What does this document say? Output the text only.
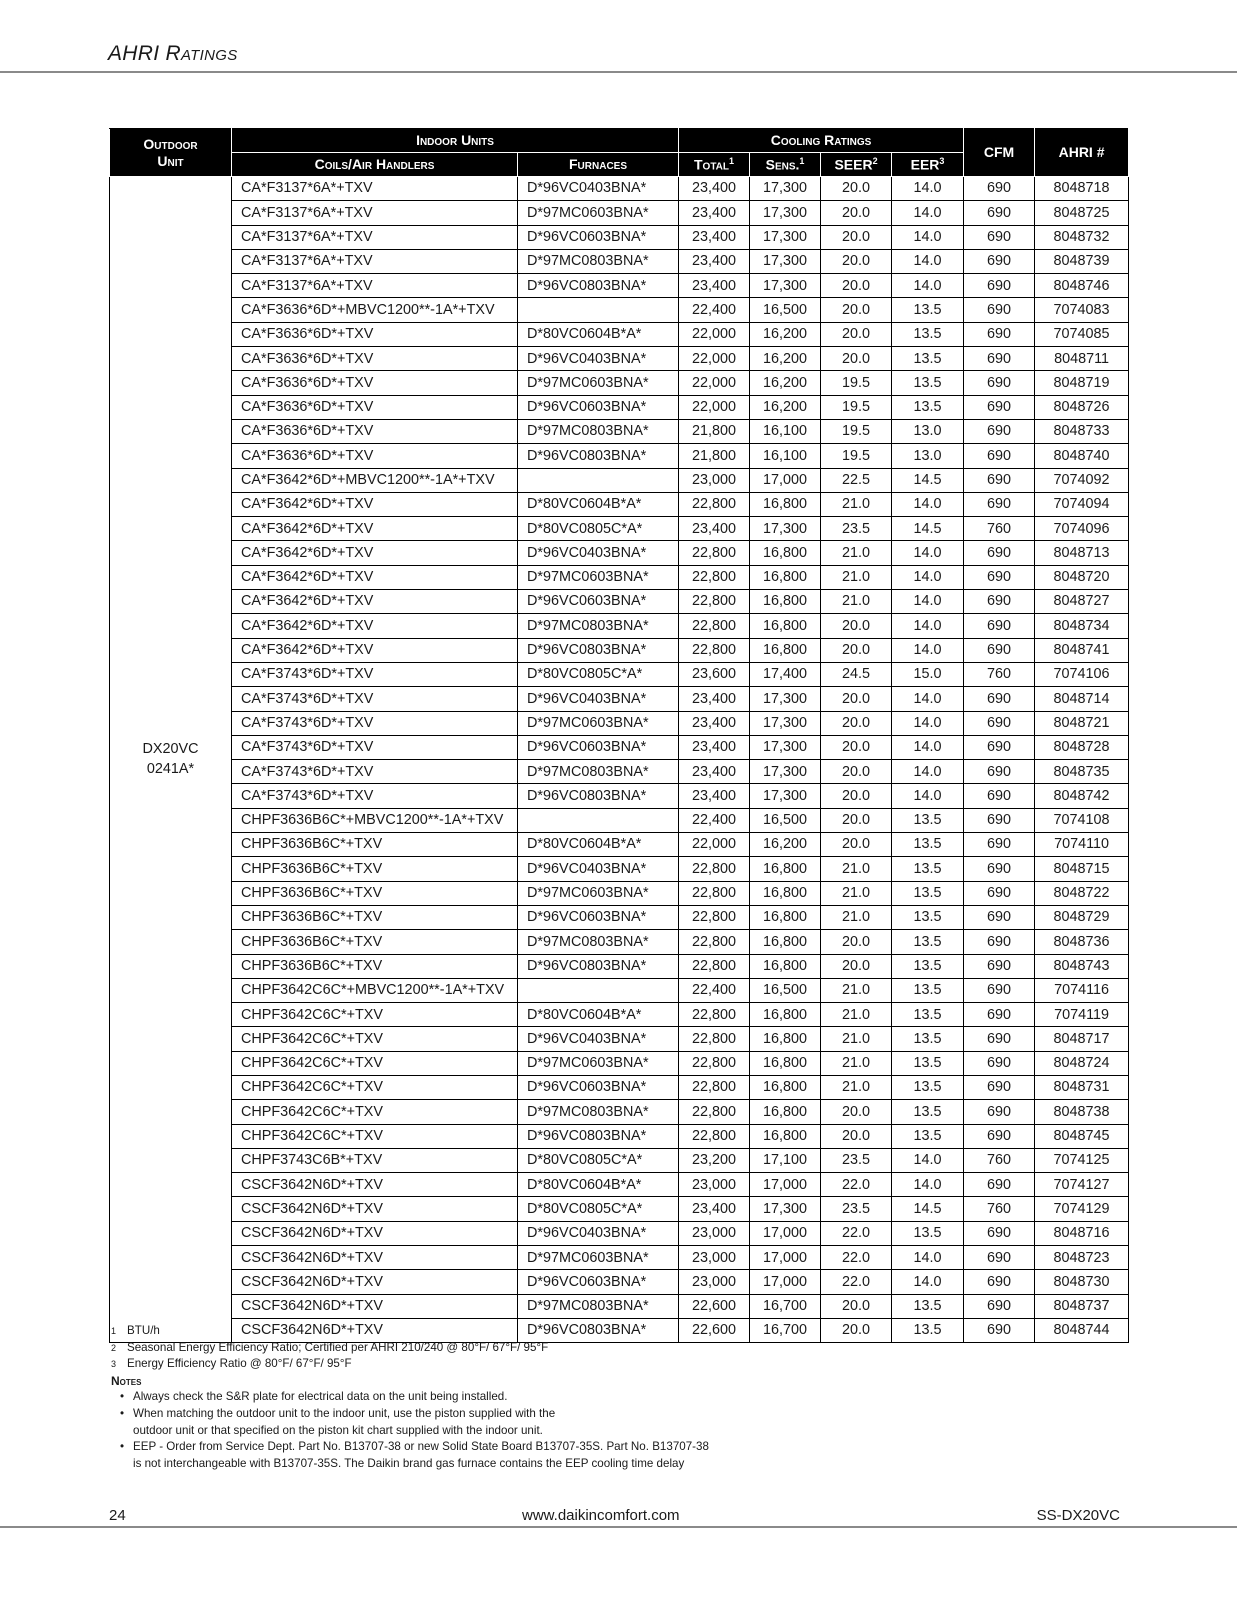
AHRI Ratings
Outdoor
Unit	Indoor Units		Cooling Ratings				CFM	AHRI #
	Coils/Air Handlers	Furnaces	Total$^1$	Sens.$^1$	SEER$^2$	EER$^3$

DX20VC
0241A*	CA*F3137*6A*+TXV	D*96VC0403BNA*	23,400	17,300	20.0	14.0	690	8048718
	CA*F3137*6A*+TXV	D*97MC0603BNA*	23,400	17,300	20.0	14.0	690	8048725
	CA*F3137*6A*+TXV	D*96VC0603BNA*	23,400	17,300	20.0	14.0	690	8048732
	CA*F3137*6A*+TXV	D*97MC0803BNA*	23,400	17,300	20.0	14.0	690	8048739
	CA*F3137*6A*+TXV	D*96VC0803BNA*	23,400	17,300	20.0	14.0	690	8048746
	CA*F3636*6D*+MBVC1200**-1A*+TXV		22,400	16,500	20.0	13.5	690	7074083
	CA*F3636*6D*+TXV	D*80VC0604B*A*	22,000	16,200	20.0	13.5	690	7074085
	CA*F3636*6D*+TXV	D*96VC0403BNA*	22,000	16,200	20.0	13.5	690	8048711
	CA*F3636*6D*+TXV	D*97MC0603BNA*	22,000	16,200	19.5	13.5	690	8048719
	CA*F3636*6D*+TXV	D*96VC0603BNA*	22,000	16,200	19.5	13.5	690	8048726
	CA*F3636*6D*+TXV	D*97MC0803BNA*	21,800	16,100	19.5	13.0	690	8048733
	CA*F3636*6D*+TXV	D*96VC0803BNA*	21,800	16,100	19.5	13.0	690	8048740
	CA*F3642*6D*+MBVC1200**-1A*+TXV		23,000	17,000	22.5	14.5	690	7074092
	CA*F3642*6D*+TXV	D*80VC0604B*A*	22,800	16,800	21.0	14.0	690	7074094
	CA*F3642*6D*+TXV	D*80VC0805C*A*	23,400	17,300	23.5	14.5	760	7074096
	CA*F3642*6D*+TXV	D*96VC0403BNA*	22,800	16,800	21.0	14.0	690	8048713
	CA*F3642*6D*+TXV	D*97MC0603BNA*	22,800	16,800	21.0	14.0	690	8048720
	CA*F3642*6D*+TXV	D*96VC0603BNA*	22,800	16,800	21.0	14.0	690	8048727
	CA*F3642*6D*+TXV	D*97MC0803BNA*	22,800	16,800	20.0	14.0	690	8048734
	CA*F3642*6D*+TXV	D*96VC0803BNA*	22,800	16,800	20.0	14.0	690	8048741
	CA*F3743*6D*+TXV	D*80VC0805C*A*	23,600	17,400	24.5	15.0	760	7074106
	CA*F3743*6D*+TXV	D*96VC0403BNA*	23,400	17,300	20.0	14.0	690	8048714
	CA*F3743*6D*+TXV	D*97MC0603BNA*	23,400	17,300	20.0	14.0	690	8048721
	CA*F3743*6D*+TXV	D*96VC0603BNA*	23,400	17,300	20.0	14.0	690	8048728
	CA*F3743*6D*+TXV	D*97MC0803BNA*	23,400	17,300	20.0	14.0	690	8048735
	CA*F3743*6D*+TXV	D*96VC0803BNA*	23,400	17,300	20.0	14.0	690	8048742
	CHPF3636B6C*+MBVC1200**-1A*+TXV		22,400	16,500	20.0	13.5	690	7074108
	CHPF3636B6C*+TXV	D*80VC0604B*A*	22,000	16,200	20.0	13.5	690	7074110
	CHPF3636B6C*+TXV	D*96VC0403BNA*	22,800	16,800	21.0	13.5	690	8048715
	CHPF3636B6C*+TXV	D*97MC0603BNA*	22,800	16,800	21.0	13.5	690	8048722
	CHPF3636B6C*+TXV	D*96VC0603BNA*	22,800	16,800	21.0	13.5	690	8048729
	CHPF3636B6C*+TXV	D*97MC0803BNA*	22,800	16,800	20.0	13.5	690	8048736
	CHPF3636B6C*+TXV	D*96VC0803BNA*	22,800	16,800	20.0	13.5	690	8048743
	CHPF3642C6C*+MBVC1200**-1A*+TXV		22,400	16,500	21.0	13.5	690	7074116
	CHPF3642C6C*+TXV	D*80VC0604B*A*	22,800	16,800	21.0	13.5	690	7074119
	CHPF3642C6C*+TXV	D*96VC0403BNA*	22,800	16,800	21.0	13.5	690	8048717
	CHPF3642C6C*+TXV	D*97MC0603BNA*	22,800	16,800	21.0	13.5	690	8048724
	CHPF3642C6C*+TXV	D*96VC0603BNA*	22,800	16,800	21.0	13.5	690	8048731
	CHPF3642C6C*+TXV	D*97MC0803BNA*	22,800	16,800	20.0	13.5	690	8048738
	CHPF3642C6C*+TXV	D*96VC0803BNA*	22,800	16,800	20.0	13.5	690	8048745
	CHPF3743C6B*+TXV	D*80VC0805C*A*	23,200	17,100	23.5	14.0	760	7074125
	CSCF3642N6D*+TXV	D*80VC0604B*A*	23,000	17,000	22.0	14.0	690	7074127
	CSCF3642N6D*+TXV	D*80VC0805C*A*	23,400	17,300	23.5	14.5	760	7074129
	CSCF3642N6D*+TXV	D*96VC0403BNA*	23,000	17,000	22.0	13.5	690	8048716
	CSCF3642N6D*+TXV	D*97MC0603BNA*	23,000	17,000	22.0	14.0	690	8048723
	CSCF3642N6D*+TXV	D*96VC0603BNA*	23,000	17,000	22.0	14.0	690	8048730
	CSCF3642N6D*+TXV	D*97MC0803BNA*	22,600	16,700	20.0	13.5	690	8048737
	CSCF3642N6D*+TXV	D*96VC0803BNA*	22,600	16,700	20.0	13.5	690	8048744
1 BTU/h
2 Seasonal Energy Efficiency Ratio; Certified per AHRI 210/240 @ 80°F/ 67°F/ 95°F
3 Energy Efficiency Ratio @ 80°F/ 67°F/ 95°F
Notes
• Always check the S&R plate for electrical data on the unit being installed.
• When matching the outdoor unit to the indoor unit, use the piston supplied with the
outdoor unit or that specified on the piston kit chart supplied with the indoor unit.
• EEP - Order from Service Dept. Part No. B13707-38 or new Solid State Board B13707-35S. Part No. B13707-38
is not interchangeable with B13707-35S. The Daikin brand gas furnace contains the EEP cooling time delay
24	www.daikincomfort.com	SS-DX20VC
